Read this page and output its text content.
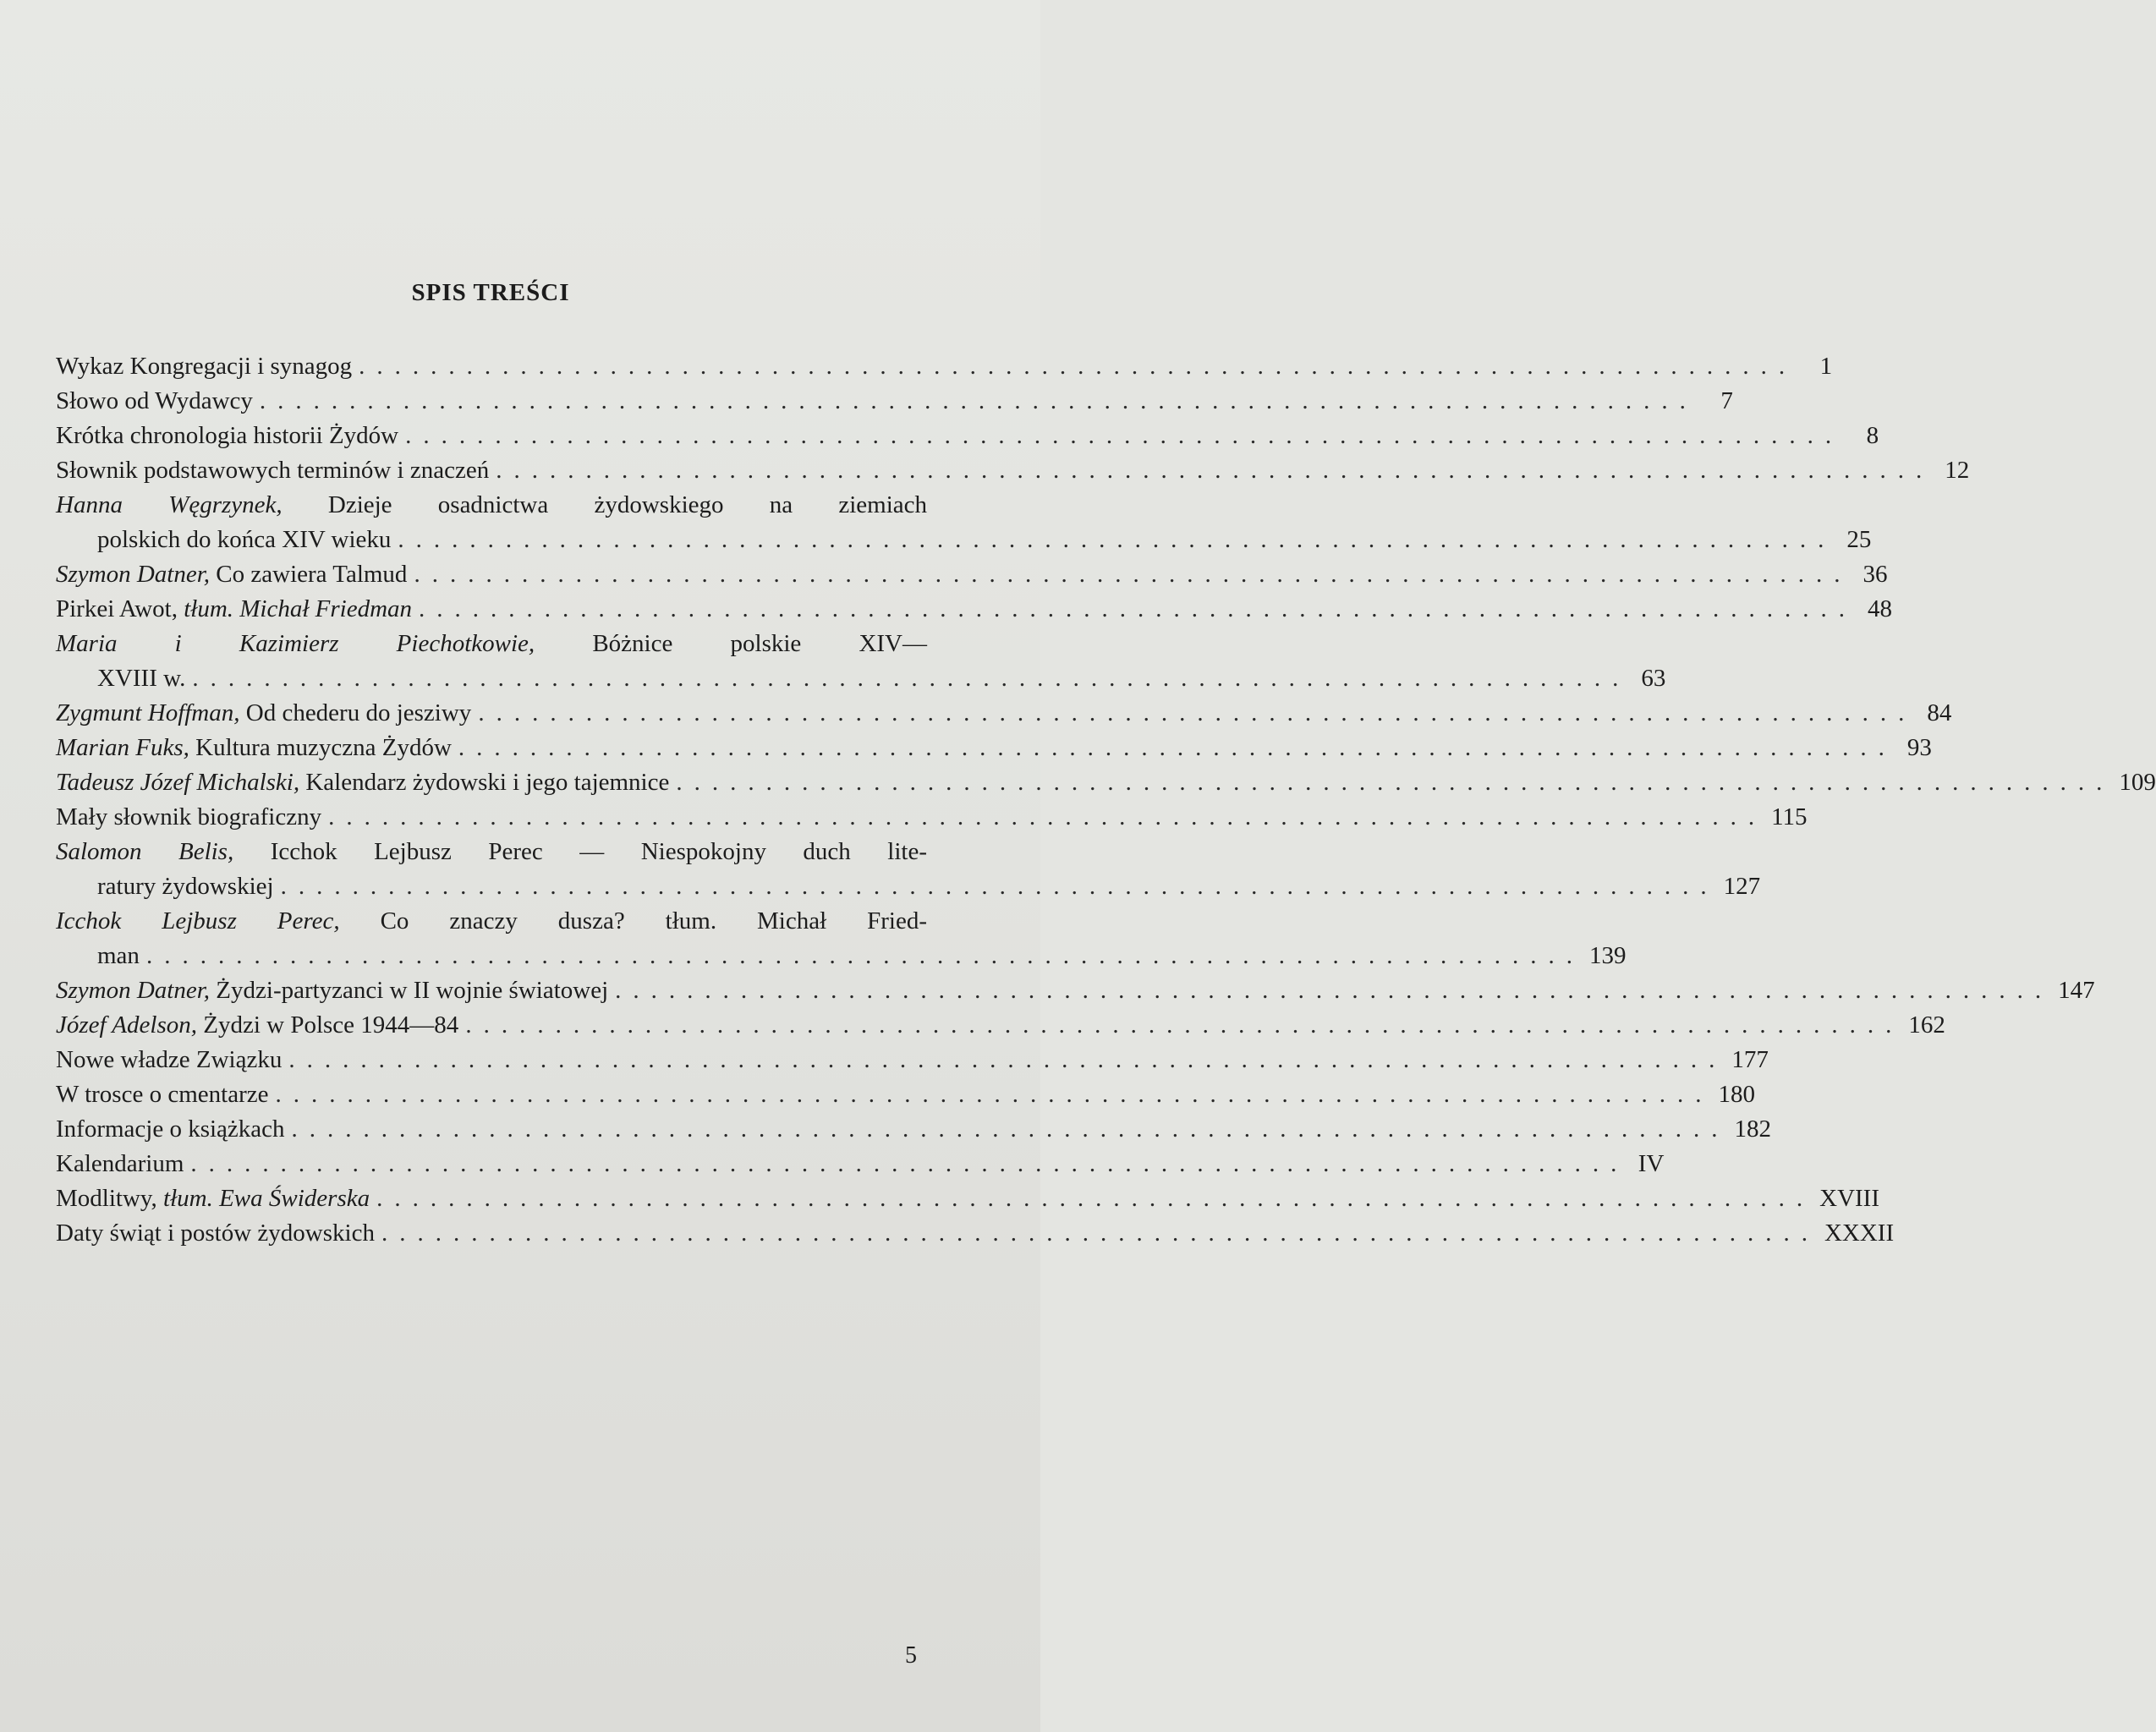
SPIS TREŚCI
Wykaz Kongregacji i synagog ................................................................................ 1
Słowo od Wydawcy ................................................................................ 7
Krótka chronologia historii Żydów ................................................................................ 8
Słownik podstawowych terminów i znaczeń ................................................................................ 12
Hanna Węgrzynek, Dzieje osadnictwa żydowskiego na ziemiach
polskich do końca XIV wieku ................................................................................ 25
Szymon Datner, Co zawiera Talmud ................................................................................ 36
Pirkei Awot, tłum. Michał Friedman ................................................................................ 48
Maria i Kazimierz Piechotkowie, Bóżnice polskie XIV—
XVIII w. ................................................................................ 63
Zygmunt Hoffman, Od chederu do jesziwy ................................................................................ 84
Marian Fuks, Kultura muzyczna Żydów ................................................................................ 93
Tadeusz Józef Michalski, Kalendarz żydowski i jego tajemnice ................................................................................ 109
Mały słownik biograficzny ................................................................................ 115
Salomon Belis, Icchok Lejbusz Perec — Niespokojny duch lite-
ratury żydowskiej ................................................................................ 127
Icchok Lejbusz Perec, Co znaczy dusza? tłum. Michał Fried-
man ................................................................................ 139
Szymon Datner, Żydzi-partyzanci w II wojnie światowej ................................................................................ 147
Józef Adelson, Żydzi w Polsce 1944—84 ................................................................................ 162
Nowe władze Związku ................................................................................ 177
W trosce o cmentarze ................................................................................ 180
Informacje o książkach ................................................................................ 182
Kalendarium ................................................................................ IV
Modlitwy, tłum. Ewa Świderska ................................................................................ XVIII
Daty świąt i postów żydowskich ................................................................................ XXXII
5
